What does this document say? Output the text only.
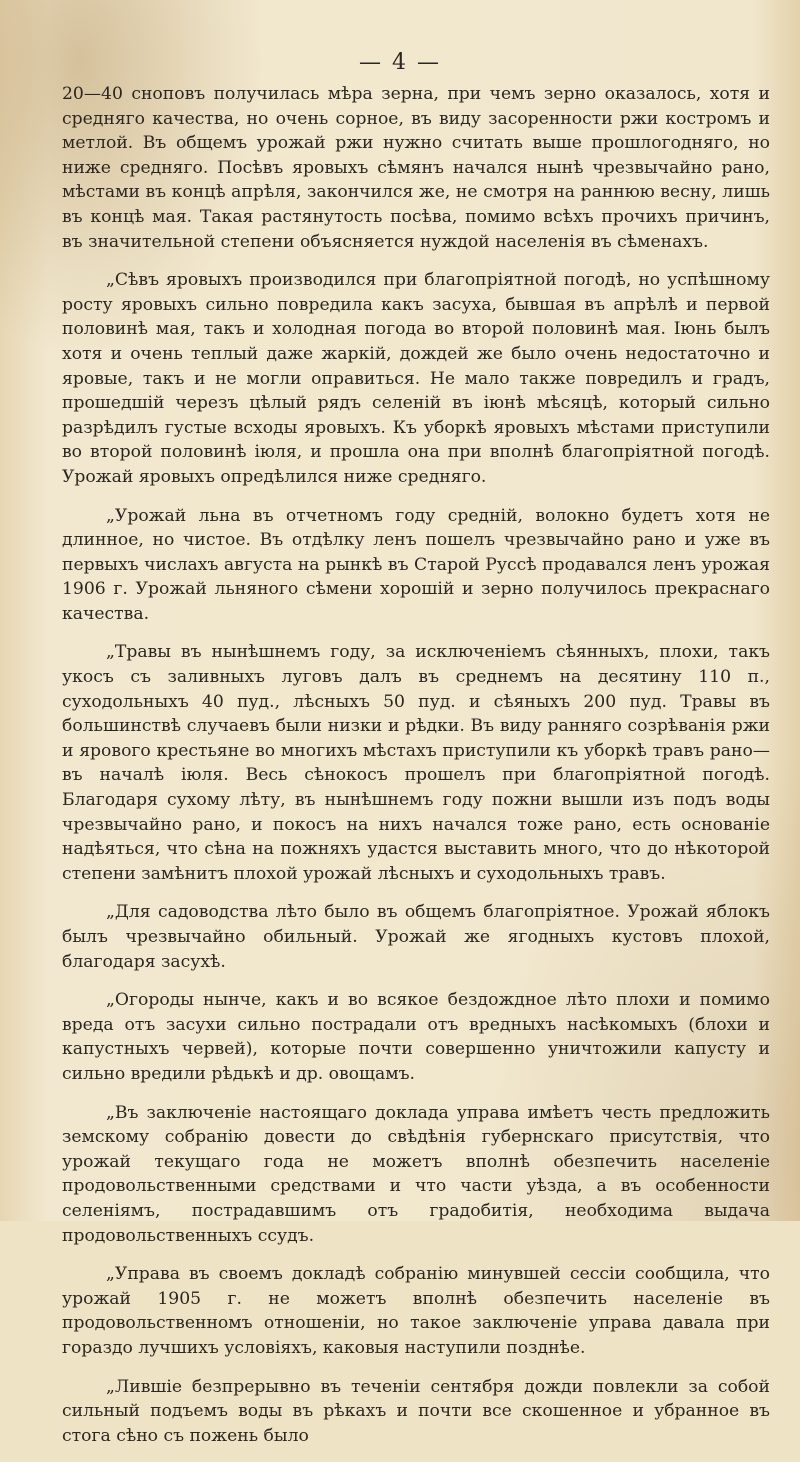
— 4 —

20—40 сноповъ получилась мѣра зерна, при чемъ зерно оказалось, хотя и средняго качества, но очень сорное, въ виду засоренности ржи костромъ и метлой. Въ общемъ урожай ржи нужно считать выше прошлогодняго, но ниже средняго. Посѣвъ яровыхъ сѣмянъ начался нынѣ чрезвычайно рано, мѣстами въ концѣ апрѣля, закончился же, не смотря на раннюю весну, лишь въ концѣ мая. Такая растянутость посѣва, помимо всѣхъ прочихъ причинъ, въ значительной степени объясняется нуждой населенія въ сѣменахъ.

„Сѣвъ яровыхъ производился при благопріятной погодѣ, но успѣшному росту яровыхъ сильно повредила какъ засуха, бывшая въ апрѣлѣ и первой половинѣ мая, такъ и холодная погода во второй половинѣ мая. Іюнь былъ хотя и очень теплый даже жаркій, дождей же было очень недостаточно и яровые, такъ и не могли оправиться. Не мало также повредилъ и градъ, прошедшій черезъ цѣлый рядъ селеній въ іюнѣ мѣсяцѣ, который сильно разрѣдилъ густые всходы яровыхъ. Къ уборкѣ яровыхъ мѣстами приступили во второй половинѣ іюля, и прошла она при вполнѣ благопріятной погодѣ. Урожай яровыхъ опредѣлился ниже средняго.

„Урожай льна въ отчетномъ году средній, волокно будетъ хотя не длинное, но чистое. Въ отдѣлку ленъ пошелъ чрезвычайно рано и уже въ первыхъ числахъ августа на рынкѣ въ Старой Руссѣ продавался ленъ урожая 1906 г. Урожай льняного сѣмени хорошій и зерно получилось прекраснаго качества.

„Травы въ нынѣшнемъ году, за исключеніемъ сѣянныхъ, плохи, такъ укосъ съ заливныхъ луговъ далъ въ среднемъ на десятину 110 п., суходольныхъ 40 пуд., лѣсныхъ 50 пуд. и сѣяныхъ 200 пуд. Травы въ большинствѣ случаевъ были низки и рѣдки. Въ виду ранняго созрѣванія ржи и ярового крестьяне во многихъ мѣстахъ приступили къ уборкѣ травъ рано—въ началѣ іюля. Весь сѣнокосъ прошелъ при благопріятной погодѣ. Благодаря сухому лѣту, въ нынѣшнемъ году пожни вышли изъ подъ воды чрезвычайно рано, и покосъ на нихъ начался тоже рано, есть основаніе надѣяться, что сѣна на пожняхъ удастся выставить много, что до нѣкоторой степени замѣнитъ плохой урожай лѣсныхъ и суходольныхъ травъ.

„Для садоводства лѣто было въ общемъ благопріятное. Урожай яблокъ былъ чрезвычайно обильный. Урожай же ягодныхъ кустовъ плохой, благодаря засухѣ.

„Огороды нынче, какъ и во всякое бездождное лѣто плохи и помимо вреда отъ засухи сильно пострадали отъ вредныхъ насѣкомыхъ (блохи и капустныхъ червей), которые почти совершенно уничтожили капусту и сильно вредили рѣдькѣ и др. овощамъ.

„Въ заключеніе настоящаго доклада управа имѣетъ честь предложить земскому собранію довести до свѣдѣнія губернскаго присутствія, что урожай текущаго года не можетъ вполнѣ обезпечить населеніе продовольственными средствами и что части уѣзда, а въ особенности селеніямъ, пострадавшимъ отъ градобитія, необходима выдача продовольственныхъ ссудъ.

„Управа въ своемъ докладѣ собранію минувшей сессіи сообщила, что урожай 1905 г. не можетъ вполнѣ обезпечить населеніе въ продовольственномъ отношеніи, но такое заключеніе управа давала при гораздо лучшихъ условіяхъ, каковыя наступили позднѣе.

„Лившіе безпрерывно въ теченіи сентября дожди повлекли за собой сильный подъемъ воды въ рѣкахъ и почти все скошенное и убранное въ стога сѣно съ пожень было
